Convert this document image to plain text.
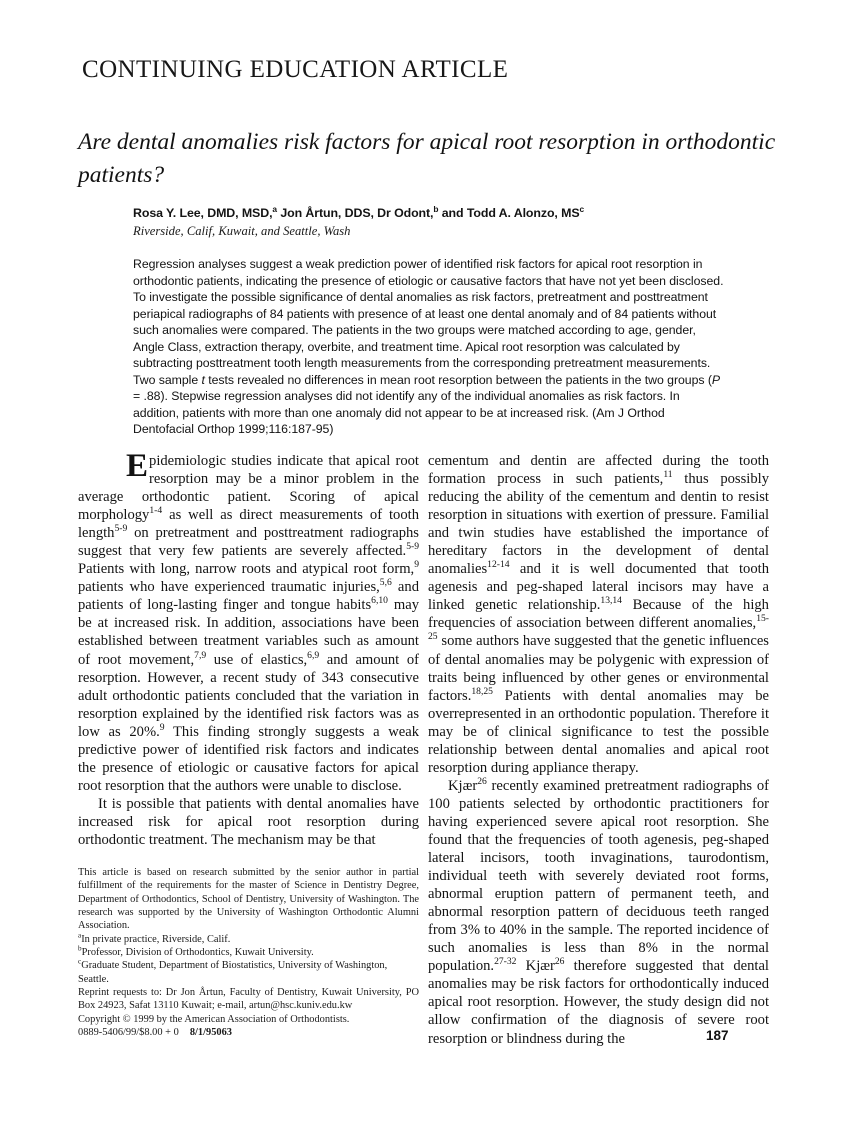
CONTINUING EDUCATION ARTICLE
Are dental anomalies risk factors for apical root resorption in orthodontic patients?
Rosa Y. Lee, DMD, MSD,$^a$ Jon Årtun, DDS, Dr Odont,$^b$ and Todd A. Alonzo, $MS^c$
Riverside, Calif, Kuwait, and Seattle, Wash
Regression analyses suggest a weak prediction power of identified risk factors for apical root resorption in orthodontic patients, indicating the presence of etiologic or causative factors that have not yet been disclosed. To investigate the possible significance of dental anomalies as risk factors, pretreatment and posttreatment periapical radiographs of 84 patients with presence of at least one dental anomaly and of 84 patients without such anomalies were compared. The patients in the two groups were matched according to age, gender, Angle Class, extraction therapy, overbite, and treatment time. Apical root resorption was calculated by subtracting posttreatment tooth length measurements from the corresponding pretreatment measurements. Two sample t tests revealed no differences in mean root resorption between the patients in the two groups (P = .88). Stepwise regression analyses did not identify any of the individual anomalies as risk factors. In addition, patients with more than one anomaly did not appear to be at increased risk. (Am J Orthod Dentofacial Orthop 1999;116:187-95)

Epidemiologic studies indicate that apical root resorption may be a minor problem in the average orthodontic patient. Scoring of apical morphology$^{1-4}$ as well as direct measurements of tooth length$^{5-9}$ on pretreatment and posttreatment radiographs suggest that very few patients are severely affected.$^{5-9}$ Patients with long, narrow roots and atypical root form,$^9$ patients who have experienced traumatic injuries,$^{5,6}$ and patients of long-lasting finger and tongue habits$^{6,10}$ may be at increased risk. In addition, associations have been established between treatment variables such as amount of root movement,$^{7,9}$ use of elastics,$^{6,9}$ and amount of resorption. However, a recent study of 343 consecutive adult orthodontic patients concluded that the variation in resorption explained by the identified risk factors was as low as 20%.$^9$ This finding strongly suggests a weak predictive power of identified risk factors and indicates the presence of etiologic or causative factors for apical root resorption that the authors were unable to disclose.

It is possible that patients with dental anomalies have increased risk for apical root resorption during orthodontic treatment. The mechanism may be that

cementum and dentin are affected during the tooth formation process in such patients,$^{11}$ thus possibly reducing the ability of the cementum and dentin to resist resorption in situations with exertion of pressure. Familial and twin studies have established the importance of hereditary factors in the development of dental anomalies$^{12-14}$ and it is well documented that tooth agenesis and peg-shaped lateral incisors may have a linked genetic relationship.$^{13,14}$ Because of the high frequencies of association between different anomalies,$^{15-25}$ some authors have suggested that the genetic influences of dental anomalies may be polygenic with expression of traits being influenced by other genes or environmental factors.$^{18,25}$ Patients with dental anomalies may be overrepresented in an orthodontic population. Therefore it may be of clinical significance to test the possible relationship between dental anomalies and apical root resorption during appliance therapy.

Kjær$^{26}$ recently examined pretreatment radiographs of 100 patients selected by orthodontic practitioners for having experienced severe apical root resorption. She found that the frequencies of tooth agenesis, peg-shaped lateral incisors, tooth invaginations, taurodontism, individual teeth with severely deviated root forms, abnormal eruption pattern of permanent teeth, and abnormal resorption pattern of deciduous teeth ranged from 3% to 40% in the sample. The reported incidence of such anomalies is less than 8% in the normal population.$^{27-32}$ Kjær$^{26}$ therefore suggested that dental anomalies may be risk factors for orthodontically induced apical root resorption. However, the study design did not allow confirmation of the diagnosis of severe root resorption or blindness during the

This article is based on research submitted by the senior author in partial fulfillment of the requirements for the master of Science in Dentistry Degree, Department of Orthodontics, School of Dentistry, University of Washington. The research was supported by the University of Washington Orthodontic Alumni Association.

$^a$In private practice, Riverside, Calif.

$^b$Professor, Division of Orthodontics, Kuwait University.

$^c$Graduate Student, Department of Biostatistics, University of Washington, Seattle.

Reprint requests to: Dr Jon Årtun, Faculty of Dentistry, Kuwait University, PO Box 24923, Safat 13110 Kuwait; e-mail, artun@hsc.kuniv.edu.kw

Copyright © 1999 by the American Association of Orthodontists.

0889-5406/99/$8.00 + 0 8/1/95063	187
